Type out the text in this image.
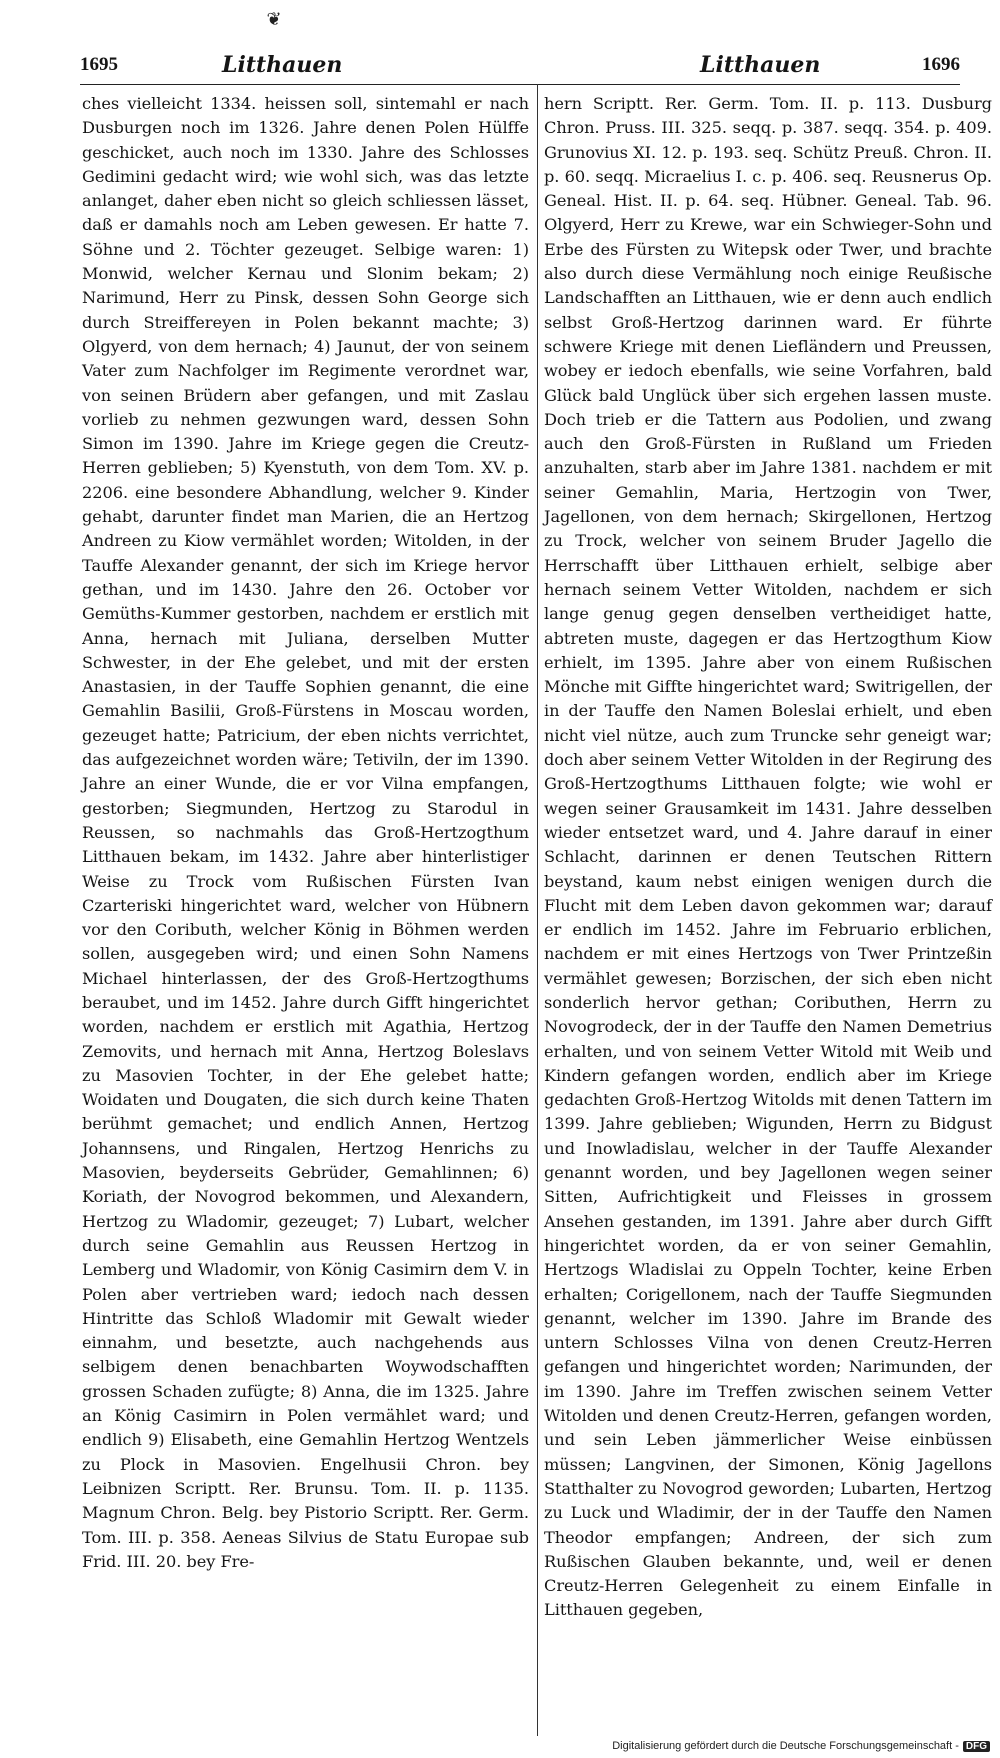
❦
1695	Litthauen	Litthauen	1696

ches vielleicht 1334. heissen soll, sintemahl er nach Dusburgen noch im 1326. Jahre denen Polen Hülffe geschicket, auch noch im 1330. Jahre des Schlosses Gedimini gedacht wird; wie wohl sich, was das letzte anlanget, daher eben nicht so gleich schliessen lässet, daß er damahls noch am Leben gewesen. Er hatte 7. Söhne und 2. Töchter gezeuget. Selbige waren: 1) Monwid, welcher Kernau und Slonim bekam; 2) Narimund, Herr zu Pinsk, dessen Sohn George sich durch Streiffereyen in Polen bekannt machte; 3) Olgyerd, von dem hernach; 4) Jaunut, der von seinem Vater zum Nachfolger im Regimente verordnet war, von seinen Brüdern aber gefangen, und mit Zaslau vorlieb zu nehmen gezwungen ward, dessen Sohn Simon im 1390. Jahre im Kriege gegen die Creutz-Herren geblieben; 5) Kyenstuth, von dem Tom. XV. p. 2206. eine besondere Abhandlung, welcher 9. Kinder gehabt, darunter findet man Marien, die an Hertzog Andreen zu Kiow vermählet worden; Witolden, in der Tauffe Alexander genannt, der sich im Kriege hervor gethan, und im 1430. Jahre den 26. October vor Gemüths-Kummer gestorben, nachdem er erstlich mit Anna, hernach mit Juliana, derselben Mutter Schwester, in der Ehe gelebet, und mit der ersten Anastasien, in der Tauffe Sophien genannt, die eine Gemahlin Basilii, Groß-Fürstens in Moscau worden, gezeuget hatte; Patricium, der eben nichts verrichtet, das aufgezeichnet worden wäre; Tetiviln, der im 1390. Jahre an einer Wunde, die er vor Vilna empfangen, gestorben; Siegmunden, Hertzog zu Starodul in Reussen, so nachmahls das Groß-Hertzogthum Litthauen bekam, im 1432. Jahre aber hinterlistiger Weise zu Trock vom Rußischen Fürsten Ivan Czarteriski hingerichtet ward, welcher von Hübnern vor den Coributh, welcher König in Böhmen werden sollen, ausgegeben wird; und einen Sohn Namens Michael hinterlassen, der des Groß-Hertzogthums beraubet, und im 1452. Jahre durch Gifft hingerichtet worden, nachdem er erstlich mit Agathia, Hertzog Zemovits, und hernach mit Anna, Hertzog Boleslavs zu Masovien Tochter, in der Ehe gelebet hatte; Woidaten und Dougaten, die sich durch keine Thaten berühmt gemachet; und endlich Annen, Hertzog Johannsens, und Ringalen, Hertzog Henrichs zu Masovien, beyderseits Gebrüder, Gemahlinnen; 6) Koriath, der Novogrod bekommen, und Alexandern, Hertzog zu Wladomir, gezeuget; 7) Lubart, welcher durch seine Gemahlin aus Reussen Hertzog in Lemberg und Wladomir, von König Casimirn dem V. in Polen aber vertrieben ward; iedoch nach dessen Hintritte das Schloß Wladomir mit Gewalt wieder einnahm, und besetzte, auch nachgehends aus selbigem denen benachbarten Woywodschafften grossen Schaden zufügte; 8) Anna, die im 1325. Jahre an König Casimirn in Polen vermählet ward; und endlich 9) Elisabeth, eine Gemahlin Hertzog Wentzels zu Plock in Masovien. Engelhusii Chron. bey Leibnizen Scriptt. Rer. Brunsu. Tom. II. p. 1135. Magnum Chron. Belg. bey Pistorio Scriptt. Rer. Germ. Tom. III. p. 358. Aeneas Silvius de Statu Europae sub Frid. III. 20. bey Fre-

hern Scriptt. Rer. Germ. Tom. II. p. 113. Dusburg Chron. Pruss. III. 325. seqq. p. 387. seqq. 354. p. 409. Grunovius XI. 12. p. 193. seq. Schütz Preuß. Chron. II. p. 60. seqq. Micraelius I. c. p. 406. seq. Reusnerus Op. Geneal. Hist. II. p. 64. seq. Hübner. Geneal. Tab. 96. Olgyerd, Herr zu Krewe, war ein Schwieger-Sohn und Erbe des Fürsten zu Witepsk oder Twer, und brachte also durch diese Vermählung noch einige Reußische Landschafften an Litthauen, wie er denn auch endlich selbst Groß-Hertzog darinnen ward. Er führte schwere Kriege mit denen Liefländern und Preussen, wobey er iedoch ebenfalls, wie seine Vorfahren, bald Glück bald Unglück über sich ergehen lassen muste. Doch trieb er die Tattern aus Podolien, und zwang auch den Groß-Fürsten in Rußland um Frieden anzuhalten, starb aber im Jahre 1381. nachdem er mit seiner Gemahlin, Maria, Hertzogin von Twer, Jagellonen, von dem hernach; Skirgellonen, Hertzog zu Trock, welcher von seinem Bruder Jagello die Herrschafft über Litthauen erhielt, selbige aber hernach seinem Vetter Witolden, nachdem er sich lange genug gegen denselben vertheidiget hatte, abtreten muste, dagegen er das Hertzogthum Kiow erhielt, im 1395. Jahre aber von einem Rußischen Mönche mit Giffte hingerichtet ward; Switrigellen, der in der Tauffe den Namen Boleslai erhielt, und eben nicht viel nütze, auch zum Truncke sehr geneigt war; doch aber seinem Vetter Witolden in der Regirung des Groß-Hertzogthums Litthauen folgte; wie wohl er wegen seiner Grausamkeit im 1431. Jahre desselben wieder entsetzet ward, und 4. Jahre darauf in einer Schlacht, darinnen er denen Teutschen Rittern beystand, kaum nebst einigen wenigen durch die Flucht mit dem Leben davon gekommen war; darauf er endlich im 1452. Jahre im Februario erblichen, nachdem er mit eines Hertzogs von Twer Printzeßin vermählet gewesen; Borzischen, der sich eben nicht sonderlich hervor gethan; Coributhen, Herrn zu Novogrodeck, der in der Tauffe den Namen Demetrius erhalten, und von seinem Vetter Witold mit Weib und Kindern gefangen worden, endlich aber im Kriege gedachten Groß-Hertzog Witolds mit denen Tattern im 1399. Jahre geblieben; Wigunden, Herrn zu Bidgust und Inowladislau, welcher in der Tauffe Alexander genannt worden, und bey Jagellonen wegen seiner Sitten, Aufrichtigkeit und Fleisses in grossem Ansehen gestanden, im 1391. Jahre aber durch Gifft hingerichtet worden, da er von seiner Gemahlin, Hertzogs Wladislai zu Oppeln Tochter, keine Erben erhalten; Corigellonem, nach der Tauffe Siegmunden genannt, welcher im 1390. Jahre im Brande des untern Schlosses Vilna von denen Creutz-Herren gefangen und hingerichtet worden; Narimunden, der im 1390. Jahre im Treffen zwischen seinem Vetter Witolden und denen Creutz-Herren, gefangen worden, und sein Leben jämmerlicher Weise einbüssen müssen; Langvinen, der Simonen, König Jagellons Statthalter zu Novogrod geworden; Lubarten, Hertzog zu Luck und Wladimir, der in der Tauffe den Namen Theodor empfangen; Andreen, der sich zum Rußischen Glauben bekannte, und, weil er denen Creutz-Herren Gelegenheit zu einem Einfalle in Litthauen gegeben,

Digitalisierung gefördert durch die Deutsche Forschungsgemeinschaft - DFG
